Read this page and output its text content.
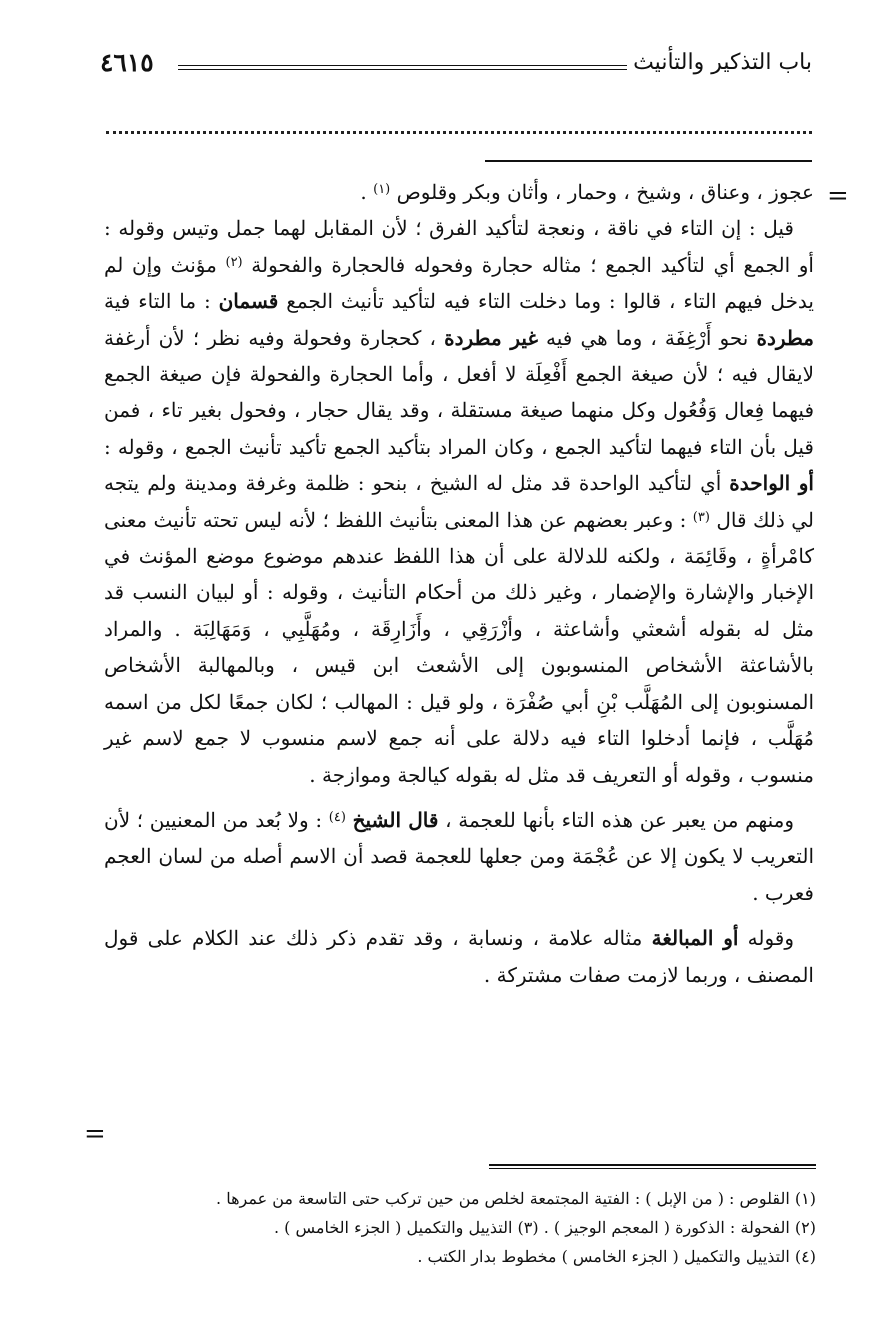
٤٦١٥	باب التذكير والتأنيث
=

عجوز ، وعناق ، وشيخ ، وحمار ، وأثان وبكر وقلوص $^{(١)}$ .

قيل : إن التاء في ناقة ، ونعجة لتأكيد الفرق ؛ لأن المقابل لهما جمل وتيس وقوله : أو الجمع أي لتأكيد الجمع ؛ مثاله حجارة وفحوله فالحجارة والفحولة $^{(٢)}$ مؤنث وإن لم يدخل فيهم التاء ، قالوا : وما دخلت التاء فيه لتأكيد تأنيث الجمع قسمان : ما التاء فية مطردة نحو أَرْغِفَة ، وما هي فيه غير مطردة ، كحجارة وفحولة وفيه نظر ؛ لأن أرغفة لايقال فيه ؛ لأن صيغة الجمع أَفْعِلَة لا أفعل ، وأما الحجارة والفحولة فإن صيغة الجمع فيهما فِعال وَفُعُول وكل منهما صيغة مستقلة ، وقد يقال حجار ، وفحول بغير تاء ، فمن قيل بأن التاء فيهما لتأكيد الجمع ، وكان المراد بتأكيد الجمع تأكيد تأنيث الجمع ، وقوله : أو الواحدة أي لتأكيد الواحدة قد مثل له الشيخ ، بنحو : ظلمة وغرفة ومدينة ولم يتجه لي ذلك قال $^{(٣)}$ : وعبر بعضهم عن هذا المعنى بتأنيث اللفظ ؛ لأنه ليس تحته تأنيث معنى كامْرأةٍ ، وقَائِمَة ، ولكنه للدلالة على أن هذا اللفظ عندهم موضوع موضع المؤنث في الإخبار والإشارة والإضمار ، وغير ذلك من أحكام التأنيث ، وقوله : أو لبيان النسب قد مثل له بقوله أشعثي وأشاعثة ، وأزْرَقِي ، وأَزَارِقَة ، ومُهَلَّبِي ، وَمَهَالِبَة . والمراد بالأشاعثة الأشخاص المنسوبون إلى الأشعث ابن قيس ، وبالمهالبة الأشخاص المسنوبون إلى المُهَلَّب بْنِ أبي صُفْرَة ، ولو قيل : المهالب ؛ لكان جمعًا لكل من اسمه مُهَلَّب ، فإنما أدخلوا التاء فيه دلالة على أنه جمع لاسم منسوب لا جمع لاسم غير منسوب ، وقوله أو التعريف قد مثل له بقوله كيالجة وموازجة .

ومنهم من يعبر عن هذه التاء بأنها للعجمة ، قال الشيخ $^{(٤)}$ : ولا بُعد من المعنيين ؛ لأن التعريب لا يكون إلا عن عُجْمَة ومن جعلها للعجمة قصد أن الاسم أصله من لسان العجم فعرب .

وقوله أو المبالغة مثاله علامة ، ونسابة ، وقد تقدم ذكر ذلك عند الكلام على قول المصنف ، وربما لازمت صفات مشتركة .

=
(١) القلوص : ( من الإبل ) : الفتية المجتمعة لخلص من حين تركب حتى التاسعة من عمرها .
(٢) الفحولة : الذكورة ( المعجم الوجيز ) . (٣) التذييل والتكميل ( الجزء الخامس ) .
(٤) التذييل والتكميل ( الجزء الخامس ) مخطوط بدار الكتب .
